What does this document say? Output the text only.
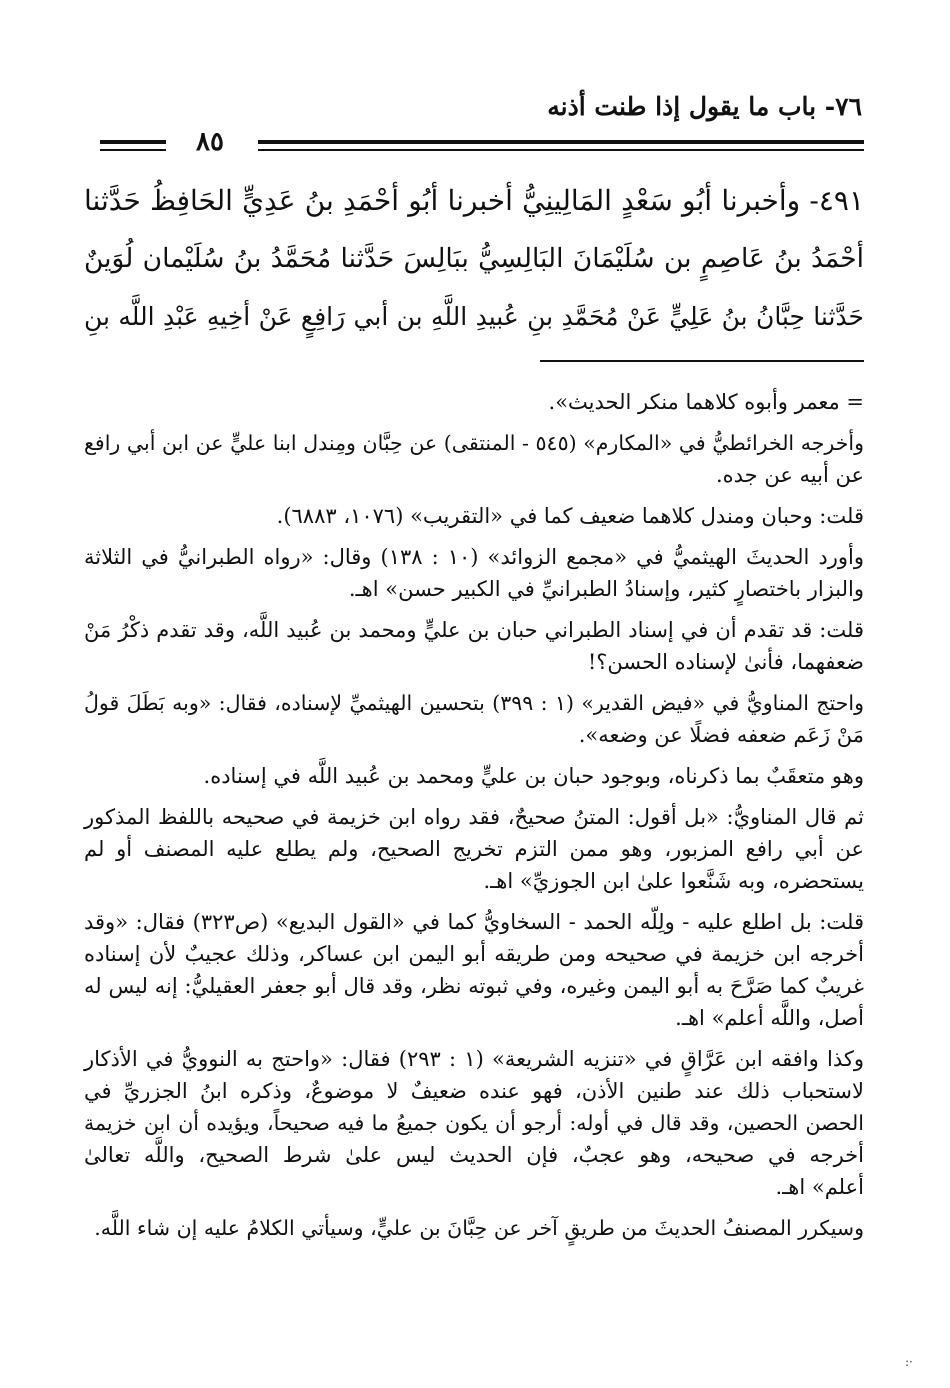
٧٦- باب ما يقول إذا طنت أذنه
٨٥
٤٩١- وأخبرنا أبُو سَعْدٍ المَالِينِيُّ أخبرنا أبُو أحْمَدِ بنُ عَدِيٍّ الحَافِظُ حَدَّثنا
أحْمَدُ بنُ عَاصِمٍ بن سُلَيْمَانَ البَالِسِيُّ ببَالِسَ حَدَّثنا مُحَمَّدُ بنُ سُلَيْمان لُوَينٌ
حَدَّثنا حِبَّانُ بنُ عَلِيٍّ عَنْ مُحَمَّدِ بنِ عُبيدِ اللَّهِ بن أبي رَافِعٍ عَنْ أخِيهِ عَبْدِ اللَّه بنِ
= معمر وأبوه كلاهما منكر الحديث».
وأخرجه الخرائطيُّ في «المكارم» (٥٤٥ - المنتقى) عن حِبَّان ومِندل ابنا عليٍّ عن ابن أبي رافع
عن أبيه عن جده.
قلت: وحبان ومندل كلاهما ضعيف كما في «التقريب» (١٠٧٦، ٦٨٨٣).
وأورد الحديثَ الهيثميُّ في «مجمع الزوائد» (١٠ : ١٣٨) وقال: «رواه الطبرانيُّ في الثلاثة
والبزار باختصارٍ كثير، وإسنادُ الطبرانيِّ في الكبير حسن» اهـ.
قلت: قد تقدم أن في إسناد الطبراني حبان بن عليٍّ ومحمد بن عُبيد اللَّه، وقد تقدم ذكْرُ مَنْ
ضعفهما، فأنىٰ لإسناده الحسن؟!
واحتج المناويُّ في «فيض القدير» (١ : ٣٩٩) بتحسين الهيثميِّ لإسناده، فقال: «وبه بَطَلَ قولُ
مَنْ زَعَم ضعفه فضلًا عن وضعه».
وهو متعقَبٌ بما ذكرناه، وبوجود حبان بن عليٍّ ومحمد بن عُبيد اللَّه في إسناده.
ثم قال المناويُّ: «بل أقول: المتنُ صحيحٌ، فقد رواه ابن خزيمة في صحيحه باللفظ المذكور
عن أبي رافع المزبور، وهو ممن التزم تخريج الصحيح، ولم يطلع عليه المصنف أو لم
يستحضره، وبه شَنَّعوا علىٰ ابن الجوزيِّ» اهـ.
قلت: بل اطلع عليه - ولِلّه الحمد - السخاويُّ كما في «القول البديع» (ص٣٢٣) فقال: «وقد
أخرجه ابن خزيمة في صحيحه ومن طريقه أبو اليمن ابن عساكر، وذلك عجيبٌ لأن إسناده
غريبٌ كما صَرَّحَ به أبو اليمن وغيره، وفي ثبوته نظر، وقد قال أبو جعفر العقيليُّ: إنه ليس له
أصل، واللَّه أعلم» اهـ.
وكذا وافقه ابن عَرَّاقٍ في «تنزيه الشريعة» (١ : ٢٩٣) فقال: «واحتج به النوويُّ في الأذكار
لاستحباب ذلك عند طنين الأذن، فهو عنده ضعيفٌ لا موضوعٌ، وذكره ابنُ الجزريِّ في
الحصن الحصين، وقد قال في أوله: أرجو أن يكون جميعُ ما فيه صحيحاً، ويؤيده أن ابن خزيمة
أخرجه في صحيحه، وهو عجبٌ، فإن الحديث ليس علىٰ شرط الصحيح، واللَّه تعالىٰ
أعلم» اهـ.
وسيكرر المصنفُ الحديثَ من طريقٍ آخر عن حِبَّانَ بن عليٍّ، وسيأتي الكلامُ عليه إن شاء اللَّه.
·:
